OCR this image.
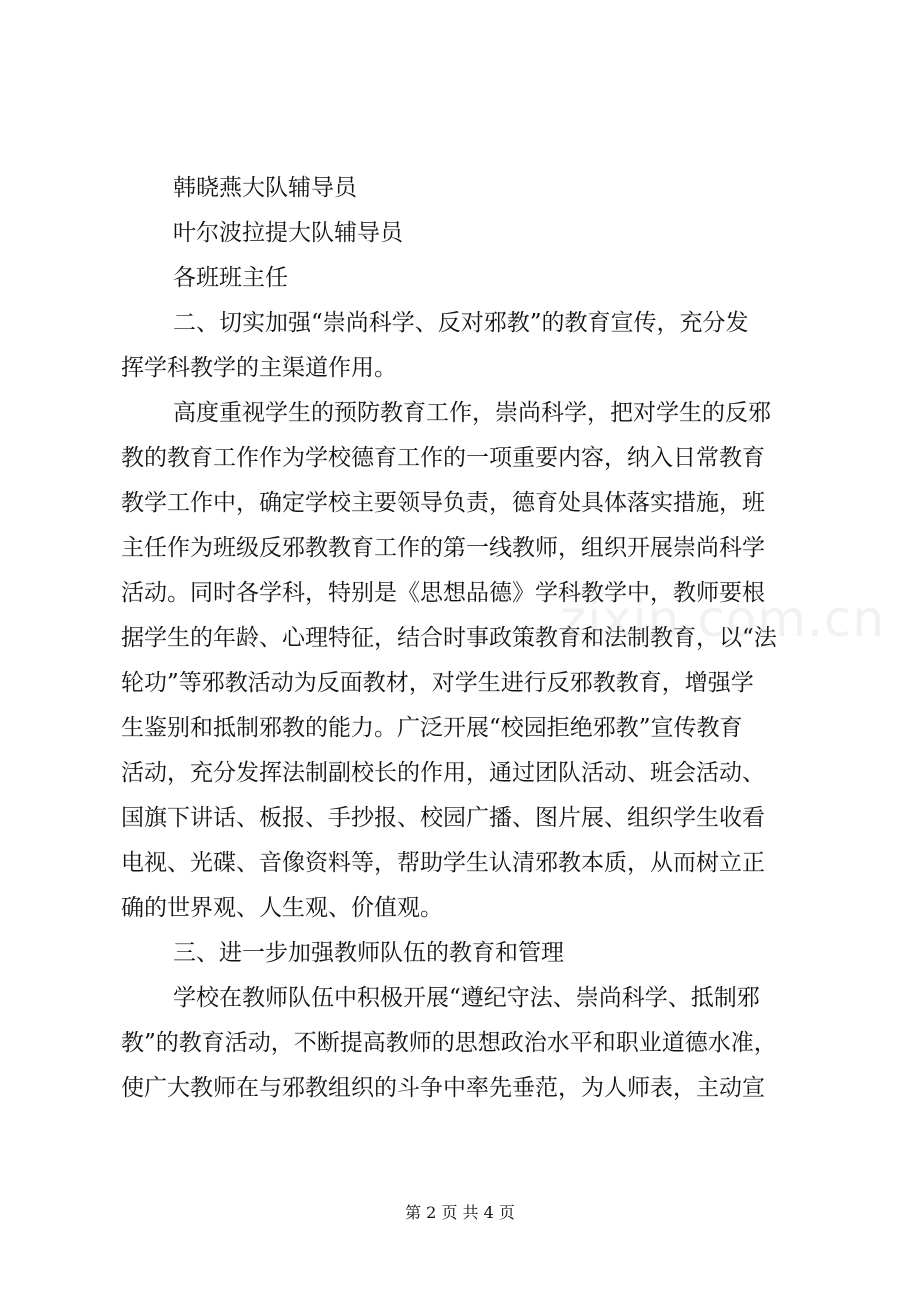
韩晓燕大队辅导员
叶尔波拉提大队辅导员
各班班主任
二、切实加强“崇尚科学、反对邪教”的教育宣传，充分发
挥学科教学的主渠道作用。
高度重视学生的预防教育工作，崇尚科学，把对学生的反邪
教的教育工作作为学校德育工作的一项重要内容，纳入日常教育
教学工作中，确定学校主要领导负责，德育处具体落实措施，班
主任作为班级反邪教教育工作的第一线教师，组织开展崇尚科学
活动。同时各学科，特别是《思想品德》学科教学中，教师要根
据学生的年龄、心理特征，结合时事政策教育和法制教育，以“法
轮功”等邪教活动为反面教材，对学生进行反邪教教育，增强学
生鉴别和抵制邪教的能力。广泛开展“校园拒绝邪教”宣传教育
活动，充分发挥法制副校长的作用，通过团队活动、班会活动、
国旗下讲话、板报、手抄报、校园广播、图片展、组织学生收看
电视、光碟、音像资料等，帮助学生认清邪教本质，从而树立正
确的世界观、人生观、价值观。
三、进一步加强教师队伍的教育和管理
学校在教师队伍中积极开展“遵纪守法、崇尚科学、抵制邪
教”的教育活动，不断提高教师的思想政治水平和职业道德水准，
使广大教师在与邪教组织的斗争中率先垂范，为人师表，主动宣
zixin.com.cn
第 2 页 共 4 页
